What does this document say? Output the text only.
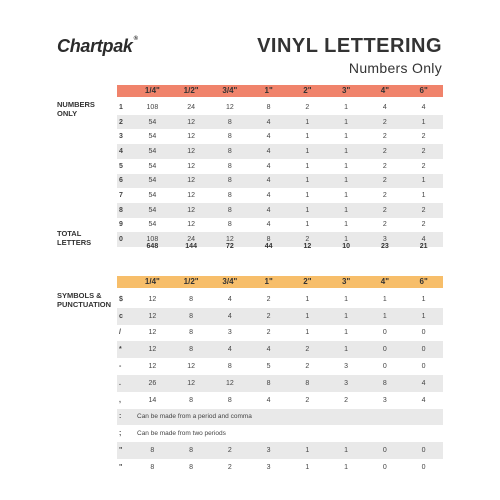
Chartpak®	VINYL LETTERING
Numbers Only
1/4"	1/2"	3/4"	1"	2"	3"	4"	6"
NUMBERS ONLY
1	108	24	12	8	2	1	4	4
2	54	12	8	4	1	1	2	1
3	54	12	8	4	1	1	2	2
4	54	12	8	4	1	1	2	2
5	54	12	8	4	1	1	2	2
6	54	12	8	4	1	1	2	1
7	54	12	8	4	1	1	2	1
8	54	12	8	4	1	1	2	2
9	54	12	8	4	1	1	2	2
0	108	24	12	8	2	1	3	4
TOTAL LETTERS	648	144	72	44	12	10	23	21
1/4"	1/2"	3/4"	1"	2"	3"	4"	6"
SYMBOLS & PUNCTUATION
$	12	8	4	2	1	1	1	1
c	12	8	4	2	1	1	1	1
/	12	8	3	2	1	1	0	0
*	12	8	4	4	2	1	0	0
-	12	12	8	5	2	3	0	0
.	26	12	12	8	8	3	8	4
,	14	8	8	4	2	2	3	4
:	Can be made from a period and comma
;	Can be made from two periods
"	8	8	2	3	1	1	0	0
"	8	8	2	3	1	1	0	0
